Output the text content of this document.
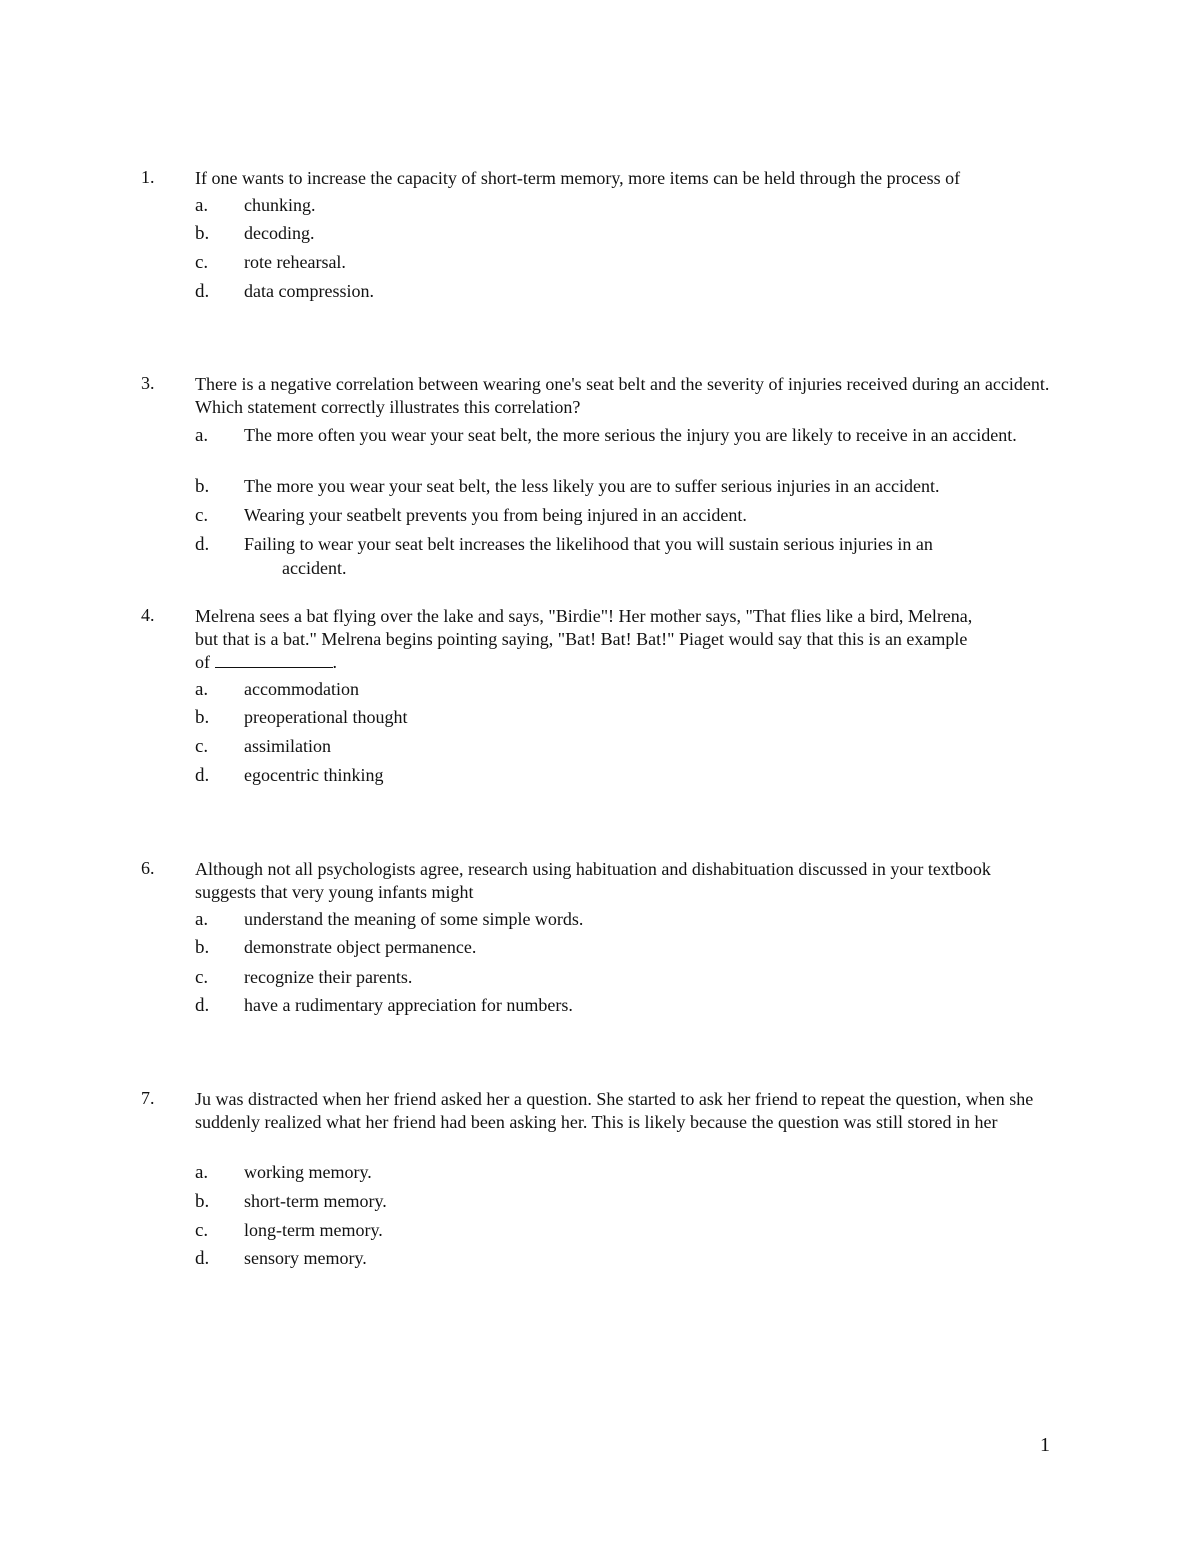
1. If one wants to increase the capacity of short-term memory, more items can be held through the process of
a. chunking.
b. decoding.
c. rote rehearsal.
d. data compression.
3. There is a negative correlation between wearing one's seat belt and the severity of injuries received during an accident. Which statement correctly illustrates this correlation?
a. The more often you wear your seat belt, the more serious the injury you are likely to receive in an accident.
b. The more you wear your seat belt, the less likely you are to suffer serious injuries in an accident.
c. Wearing your seatbelt prevents you from being injured in an accident.
d. Failing to wear your seat belt increases the likelihood that you will sustain serious injuries in an
accident.
4. Melrena sees a bat flying over the lake and says, "Birdie"! Her mother says, "That flies like a bird, Melrena,
but that is a bat." Melrena begins pointing saying, "Bat! Bat! Bat!" Piaget would say that this is an example
of	.
a. accommodation
b. preoperational thought
c. assimilation
d. egocentric thinking
6. Although not all psychologists agree, research using habituation and dishabituation discussed in your textbook suggests that very young infants might
a. understand the meaning of some simple words.
b. demonstrate object permanence.
c. recognize their parents.
d. have a rudimentary appreciation for numbers.
7. Ju was distracted when her friend asked her a question. She started to ask her friend to repeat the question, when she suddenly realized what her friend had been asking her. This is likely because the question was still stored in her
a. working memory.
b. short-term memory.
c. long-term memory.
d. sensory memory.
1
